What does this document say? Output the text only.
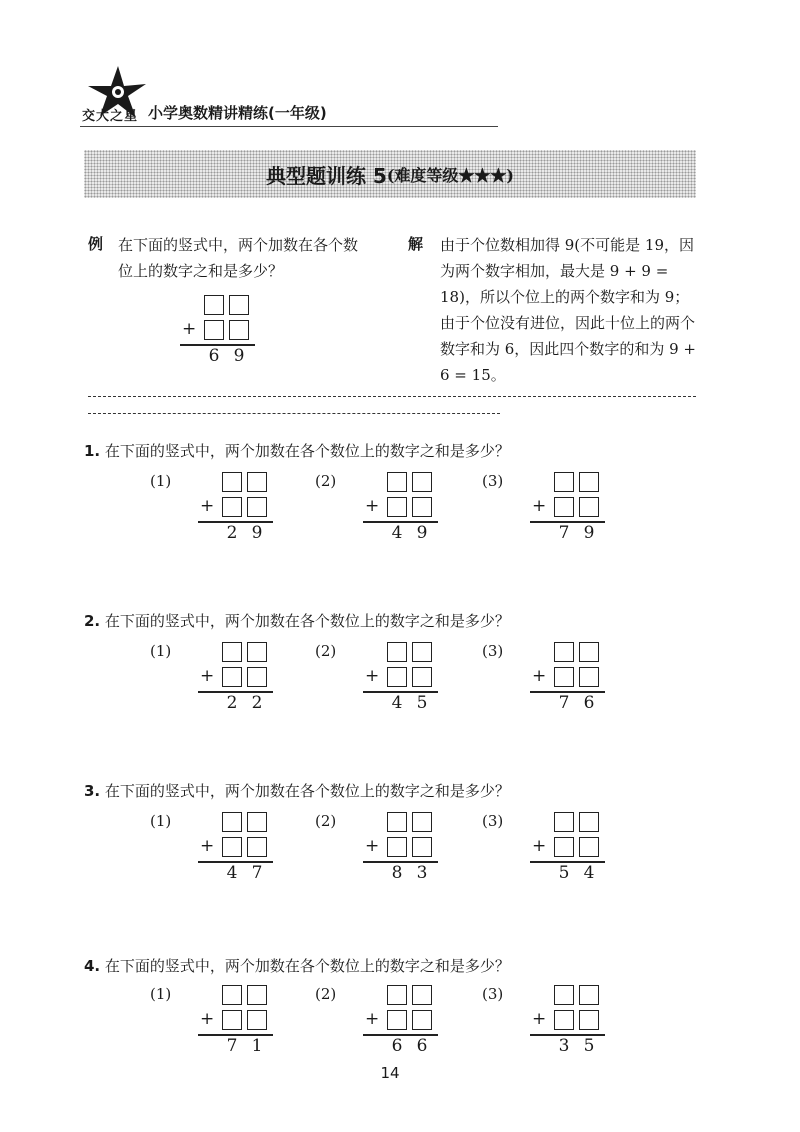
交大之星 小学奥数精讲精练(一年级)
典型题训练 5 (难度等级★★★)
例 在下面的竖式中，两个加数在各个数位上的数字之和是多少？
+
6 9
解 由于个位数相加得 9(不可能是 19，因为两个数字相加，最大是 9 + 9 = 18)，所以个位上的两个数字和为 9；由于个位没有进位，因此十位上的两个数字和为 6，因此四个数字的和为 9 + 6 = 15。
1. 在下面的竖式中，两个加数在各个数位上的数字之和是多少？
(1)
+
2 9
(2)
+
4 9
(3)
+
7 9
2. 在下面的竖式中，两个加数在各个数位上的数字之和是多少？
(1)
+
2 2
(2)
+
4 5
(3)
+
7 6
3. 在下面的竖式中，两个加数在各个数位上的数字之和是多少？
(1)
+
4 7
(2)
+
8 3
(3)
+
5 4
4. 在下面的竖式中，两个加数在各个数位上的数字之和是多少？
(1)
+
7 1
(2)
+
6 6
(3)
+
3 5
14
